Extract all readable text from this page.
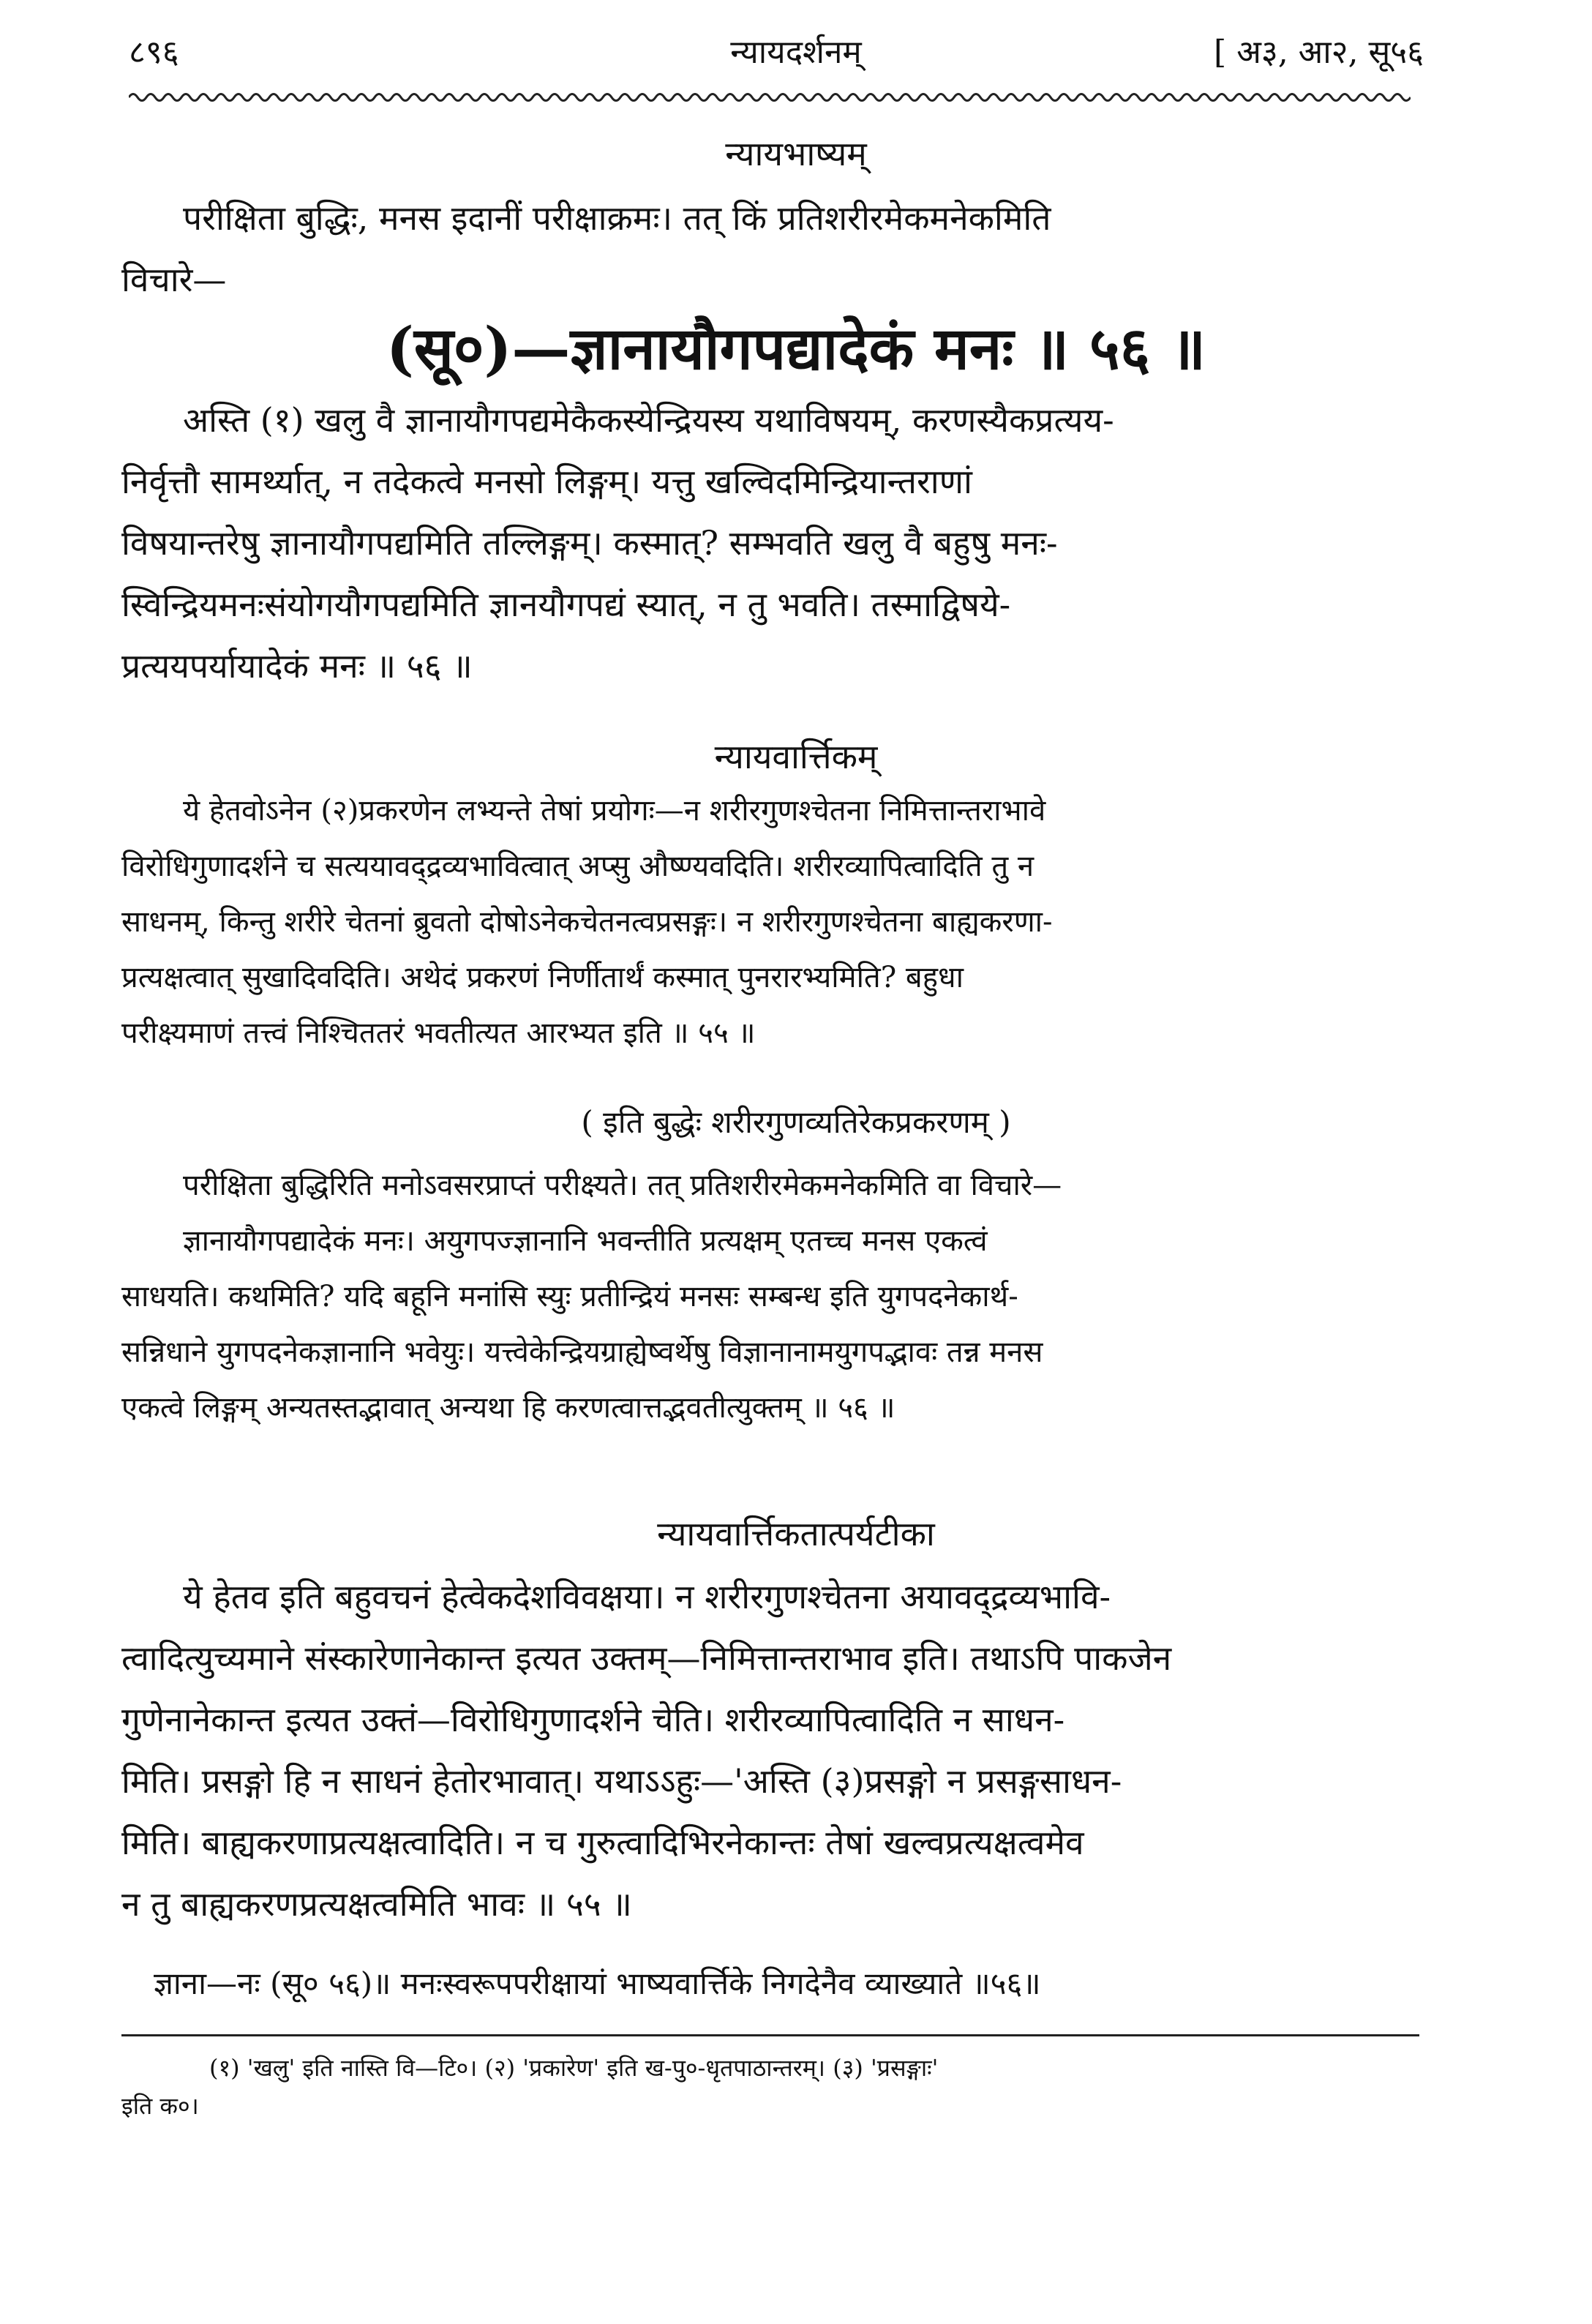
न्यायदर्शनम्
८९६	[ अ३, आ२, सू५६
न्यायभाष्यम्
परीक्षिता बुद्धिः, मनस इदानीं परीक्षाक्रमः। तत् किं प्रतिशरीरमेकमनेकमिति
विचारे—
(सू०)—ज्ञानायौगपद्यादेकं मनः ॥ ५६ ॥
अस्ति (१) खलु वै ज्ञानायौगपद्यमेकैकस्येन्द्रियस्य यथाविषयम्, करणस्यैकप्रत्यय-
निर्वृत्तौ सामर्थ्यात्, न तदेकत्वे मनसो लिङ्गम्। यत्तु खल्विदमिन्द्रियान्तराणां
विषयान्तरेषु ज्ञानायौगपद्यमिति तल्लिङ्गम्। कस्मात्? सम्भवति खलु वै बहुषु मनः-
स्विन्द्रियमनःसंयोगयौगपद्यमिति ज्ञानयौगपद्यं स्यात्, न तु भवति। तस्माद्विषये-
प्रत्ययपर्यायादेकं मनः ॥ ५६ ॥
न्यायवार्त्तिकम्
ये हेतवोऽनेन (२)प्रकरणेन लभ्यन्ते तेषां प्रयोगः—न शरीरगुणश्चेतना निमित्तान्तराभावे
विरोधिगुणादर्शने च सत्ययावद्द्रव्यभावित्वात् अप्सु औष्ण्यवदिति। शरीरव्यापित्वादिति तु न
साधनम्, किन्तु शरीरे चेतनां ब्रुवतो दोषोऽनेकचेतनत्वप्रसङ्गः। न शरीरगुणश्चेतना बाह्यकरणा-
प्रत्यक्षत्वात् सुखादिवदिति। अथेदं प्रकरणं निर्णीतार्थं कस्मात् पुनरारभ्यमिति? बहुधा
परीक्ष्यमाणं तत्त्वं निश्चिततरं भवतीत्यत आरभ्यत इति ॥ ५५ ॥
( इति बुद्धेः शरीरगुणव्यतिरेकप्रकरणम् )
परीक्षिता बुद्धिरिति मनोऽवसरप्राप्तं परीक्ष्यते। तत् प्रतिशरीरमेकमनेकमिति वा विचारे—
ज्ञानायौगपद्यादेकं मनः। अयुगपज्ज्ञानानि भवन्तीति प्रत्यक्षम् एतच्च मनस एकत्वं
साधयति। कथमिति? यदि बहूनि मनांसि स्युः प्रतीन्द्रियं मनसः सम्बन्ध इति युगपदनेकार्थ-
सन्निधाने युगपदनेकज्ञानानि भवेयुः। यत्त्वेकेन्द्रियग्राह्येष्वर्थेषु विज्ञानानामयुगपद्भावः तन्न मनस
एकत्वे लिङ्गम् अन्यतस्तद्भावात् अन्यथा हि करणत्वात्तद्भवतीत्युक्तम् ॥ ५६ ॥
न्यायवार्त्तिकतात्पर्यटीका
ये हेतव इति बहुवचनं हेत्वेकदेशविवक्षया। न शरीरगुणश्चेतना अयावद्द्रव्यभावि-
त्वादित्युच्यमाने संस्कारेणानेकान्त इत्यत उक्तम्—निमित्तान्तराभाव इति। तथाऽपि पाकजेन
गुणेनानेकान्त इत्यत उक्तं—विरोधिगुणादर्शने चेति। शरीरव्यापित्वादिति न साधन-
मिति। प्रसङ्गो हि न साधनं हेतोरभावात्। यथाऽऽहुः—'अस्ति (३)प्रसङ्गो न प्रसङ्गसाधन-
मिति। बाह्यकरणाप्रत्यक्षत्वादिति। न च गुरुत्वादिभिरनेकान्तः तेषां खल्वप्रत्यक्षत्वमेव
न तु बाह्यकरणप्रत्यक्षत्वमिति भावः ॥ ५५ ॥
ज्ञाना—नः (सू० ५६)॥ मनःस्वरूपपरीक्षायां भाष्यवार्त्तिके निगदेनैव व्याख्याते ॥५६॥
(१) 'खलु' इति नास्ति वि—टि०। (२) 'प्रकारेण' इति ख-पु०-धृतपाठान्तरम्। (३) 'प्रसङ्गाः'
इति क०।
